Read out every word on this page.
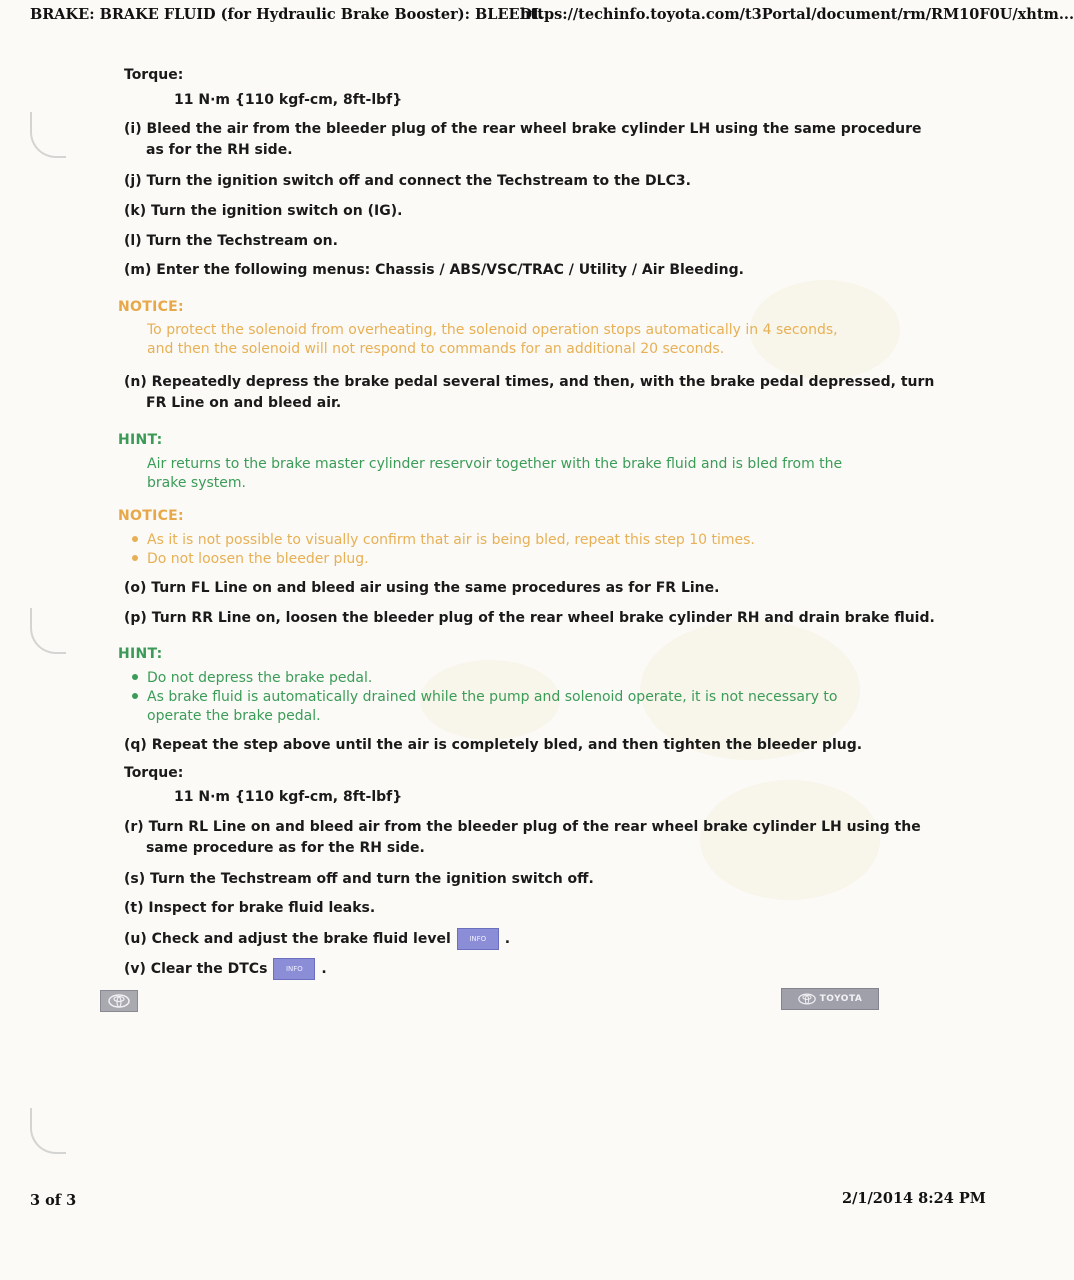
BRAKE: BRAKE FLUID (for Hydraulic Brake Booster): BLEEDI...
https://techinfo.toyota.com/t3Portal/document/rm/RM10F0U/xhtm...
3 of 3	2/1/2014 8:24 PM
Torque:
11 N·m {110 kgf-cm, 8ft-lbf}
(i) Bleed the air from the bleeder plug of the rear wheel brake cylinder LH using the same procedure
as for the RH side.
(j) Turn the ignition switch off and connect the Techstream to the DLC3.
(k) Turn the ignition switch on (IG).
(l) Turn the Techstream on.
(m) Enter the following menus: Chassis / ABS/VSC/TRAC / Utility / Air Bleeding.
NOTICE:
To protect the solenoid from overheating, the solenoid operation stops automatically in 4 seconds,
and then the solenoid will not respond to commands for an additional 20 seconds.
(n) Repeatedly depress the brake pedal several times, and then, with the brake pedal depressed, turn
FR Line on and bleed air.
HINT:
Air returns to the brake master cylinder reservoir together with the brake fluid and is bled from the
brake system.
NOTICE:
As it is not possible to visually confirm that air is being bled, repeat this step 10 times.
Do not loosen the bleeder plug.
(o) Turn FL Line on and bleed air using the same procedures as for FR Line.
(p) Turn RR Line on, loosen the bleeder plug of the rear wheel brake cylinder RH and drain brake fluid.
HINT:
Do not depress the brake pedal.
As brake fluid is automatically drained while the pump and solenoid operate, it is not necessary to
operate the brake pedal.
(q) Repeat the step above until the air is completely bled, and then tighten the bleeder plug.
Torque:
11 N·m {110 kgf-cm, 8ft-lbf}
(r) Turn RL Line on and bleed air from the bleeder plug of the rear wheel brake cylinder LH using the
same procedure as for the RH side.
(s) Turn the Techstream off and turn the ignition switch off.
(t) Inspect for brake fluid leaks.
(u) Check and adjust the brake fluid level	INFO .
(v) Clear the DTCs	INFO .
TOYOTA
